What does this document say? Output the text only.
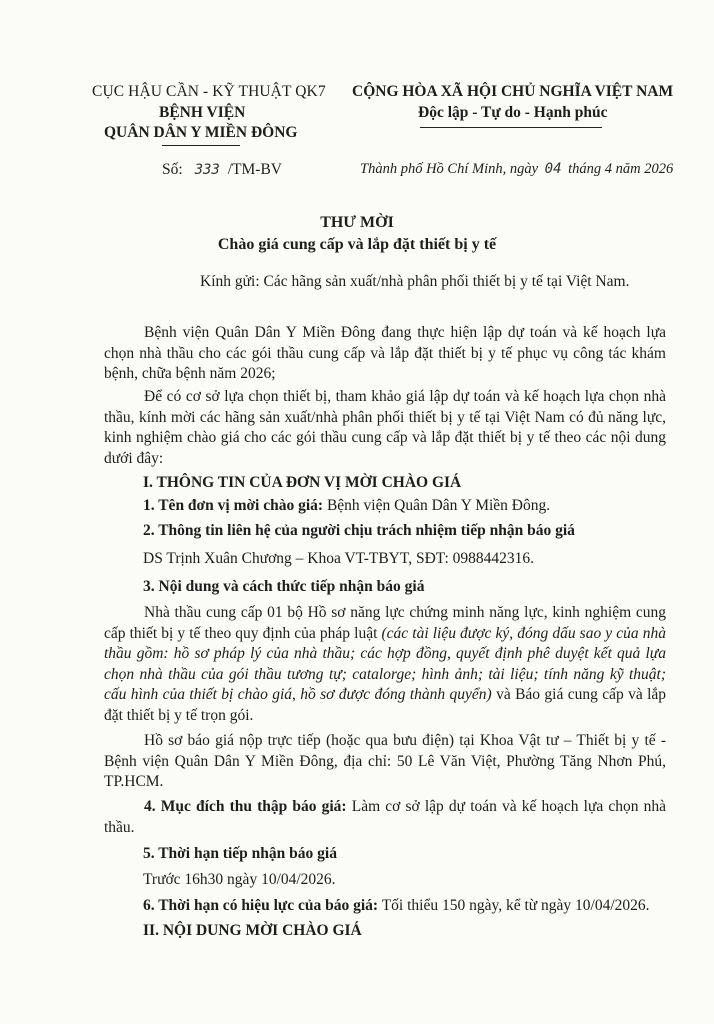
CỤC HẬU CẦN - KỸ THUẬT QK7
BỆNH VIỆN
QUÂN DÂN Y MIỀN ĐÔNG
Số: 333 /TM-BV
CỘNG HÒA XÃ HỘI CHỦ NGHĨA VIỆT NAM
Độc lập - Tự do - Hạnh phúc
Thành phố Hồ Chí Minh, ngày 04 tháng 4 năm 2026
THƯ MỜI
Chào giá cung cấp và lắp đặt thiết bị y tế
Kính gửi: Các hãng sản xuất/nhà phân phối thiết bị y tế tại Việt Nam.
Bệnh viện Quân Dân Y Miền Đông đang thực hiện lập dự toán và kế hoạch lựa chọn nhà thầu cho các gói thầu cung cấp và lắp đặt thiết bị y tế phục vụ công tác khám bệnh, chữa bệnh năm 2026;
Để có cơ sở lựa chọn thiết bị, tham khảo giá lập dự toán và kế hoạch lựa chọn nhà thầu, kính mời các hãng sản xuất/nhà phân phối thiết bị y tế tại Việt Nam có đủ năng lực, kinh nghiệm chào giá cho các gói thầu cung cấp và lắp đặt thiết bị y tế theo các nội dung dưới đây:
I. THÔNG TIN CỦA ĐƠN VỊ MỜI CHÀO GIÁ
1. Tên đơn vị mời chào giá: Bệnh viện Quân Dân Y Miền Đông.
2. Thông tin liên hệ của người chịu trách nhiệm tiếp nhận báo giá
DS Trịnh Xuân Chương – Khoa VT-TBYT, SĐT: 0988442316.
3. Nội dung và cách thức tiếp nhận báo giá
Nhà thầu cung cấp 01 bộ Hồ sơ năng lực chứng minh năng lực, kinh nghiệm cung cấp thiết bị y tế theo quy định của pháp luật (các tài liệu được ký, đóng dấu sao y của nhà thầu gồm: hồ sơ pháp lý của nhà thầu; các hợp đồng, quyết định phê duyệt kết quả lựa chọn nhà thầu của gói thầu tương tự; catalorge; hình ảnh; tài liệu; tính năng kỹ thuật; cấu hình của thiết bị chào giá, hồ sơ được đóng thành quyển) và Báo giá cung cấp và lắp đặt thiết bị y tế trọn gói.
Hồ sơ báo giá nộp trực tiếp (hoặc qua bưu điện) tại Khoa Vật tư – Thiết bị y tế - Bệnh viện Quân Dân Y Miền Đông, địa chỉ: 50 Lê Văn Việt, Phường Tăng Nhơn Phú, TP.HCM.
4. Mục đích thu thập báo giá: Làm cơ sở lập dự toán và kế hoạch lựa chọn nhà thầu.
5. Thời hạn tiếp nhận báo giá
Trước 16h30 ngày 10/04/2026.
6. Thời hạn có hiệu lực của báo giá: Tối thiểu 150 ngày, kể từ ngày 10/04/2026.
II. NỘI DUNG MỜI CHÀO GIÁ
